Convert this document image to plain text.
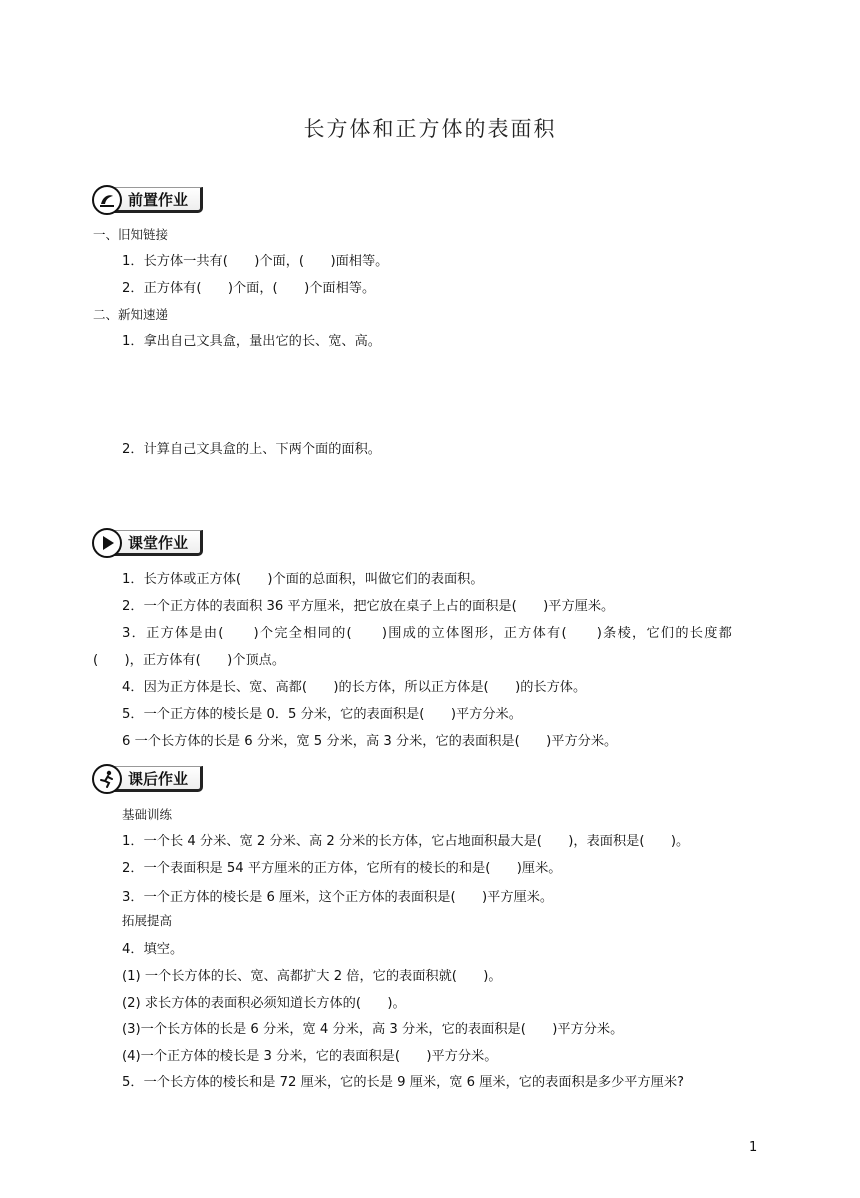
长方体和正方体的表面积
前置作业
一、旧知链接
1．长方体一共有(　　)个面，(　　)面相等。
2．正方体有(　　)个面，(　　)个面相等。
二、新知速递
1．拿出自己文具盒，量出它的长、宽、高。
2．计算自己文具盒的上、下两个面的面积。
课堂作业
1．长方体或正方体(　　)个面的总面积，叫做它们的表面积。
2．一个正方体的表面积 36 平方厘米，把它放在桌子上占的面积是(　　)平方厘米。
3．正方体是由(　　)个完全相同的(　　)围成的立体图形，正方体有(　　)条棱，它们的长度都
(　　)，正方体有(　　)个顶点。
4．因为正方体是长、宽、高都(　　)的长方体，所以正方体是(　　)的长方体。
5．一个正方体的棱长是 0．5 分米，它的表面积是(　　)平方分米。
6 一个长方体的长是 6 分米，宽 5 分米，高 3 分米，它的表面积是(　　)平方分米。
课后作业
基础训练
1．一个长 4 分米、宽 2 分米、高 2 分米的长方体，它占地面积最大是(　　)，表面积是(　　)。
2．一个表面积是 54 平方厘米的正方体，它所有的棱长的和是(　　)厘米。
3．一个正方体的棱长是 6 厘米，这个正方体的表面积是(　　)平方厘米。
拓展提高
4．填空。
(1) 一个长方体的长、宽、高都扩大 2 倍，它的表面积就(　　)。
(2) 求长方体的表面积必须知道长方体的(　　)。
(3)一个长方体的长是 6 分米，宽 4 分米，高 3 分米，它的表面积是(　　)平方分米。
(4)一个正方体的棱长是 3 分米，它的表面积是(　　)平方分米。
5．一个长方体的棱长和是 72 厘米，它的长是 9 厘米，宽 6 厘米，它的表面积是多少平方厘米?
1
